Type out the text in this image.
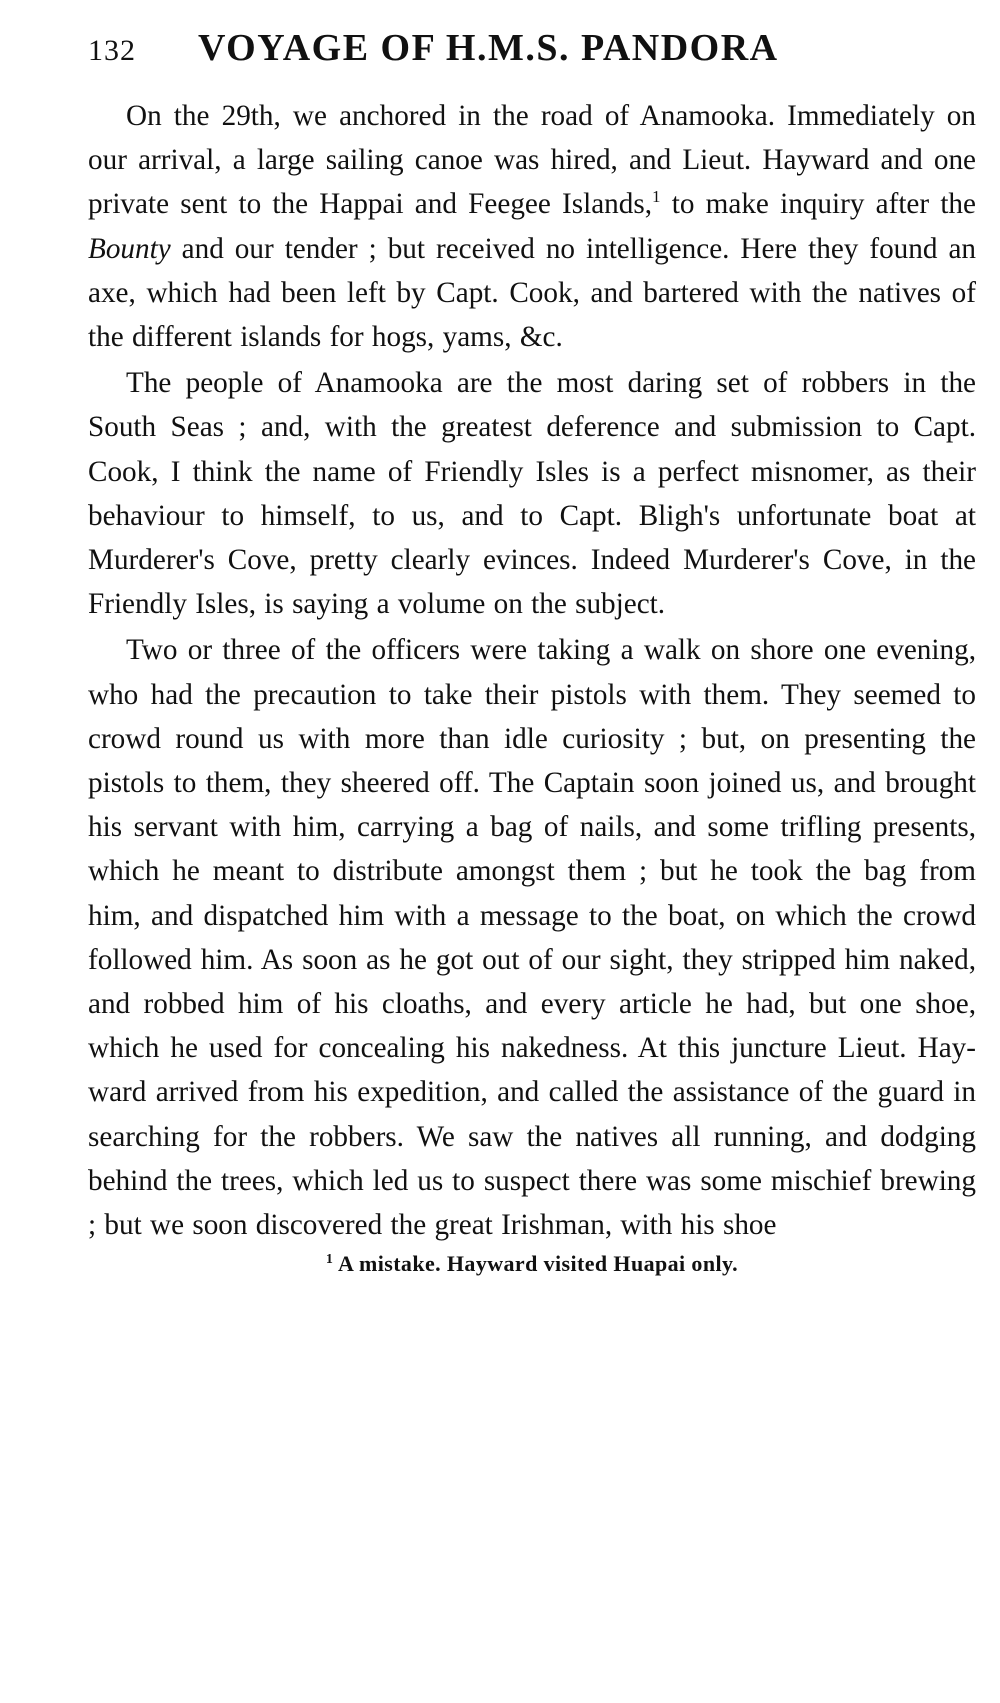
132	VOYAGE OF H.M.S. PANDORA

On the 29th, we anchored in the road of Anamooka. Immediately on our arrival, a large sailing canoe was hired, and Lieut. Hayward and one private sent to the Happai and Feegee Islands,$^1$ to make inquiry after the Bounty and our tender ; but received no intelligence. Here they found an axe, which had been left by Capt. Cook, and bartered with the natives of the different islands for hogs, yams, &c.

The people of Anamooka are the most daring set of robbers in the South Seas ; and, with the greatest deference and submission to Capt. Cook, I think the name of Friendly Isles is a perfect misnomer, as their behaviour to himself, to us, and to Capt. Bligh's unfortunate boat at Murderer's Cove, pretty clearly evinces. Indeed Murderer's Cove, in the Friendly Isles, is saying a volume on the subject.

Two or three of the officers were taking a walk on shore one evening, who had the precaution to take their pistols with them. They seemed to crowd round us with more than idle curiosity ; but, on presenting the pistols to them, they sheered off. The Captain soon joined us, and brought his servant with him, carrying a bag of nails, and some trifling presents, which he meant to distribute amongst them ; but he took the bag from him, and dispatched him with a message to the boat, on which the crowd followed him. As soon as he got out of our sight, they stripped him naked, and robbed him of his cloaths, and every article he had, but one shoe, which he used for concealing his nakedness. At this juncture Lieut. Hayward arrived from his expedition, and called the assistance of the guard in searching for the robbers. We saw the natives all running, and dodging behind the trees, which led us to suspect there was some mischief brewing ; but we soon discovered the great Irishman, with his shoe

$^1$ A mistake. Hayward visited Huapai only.
